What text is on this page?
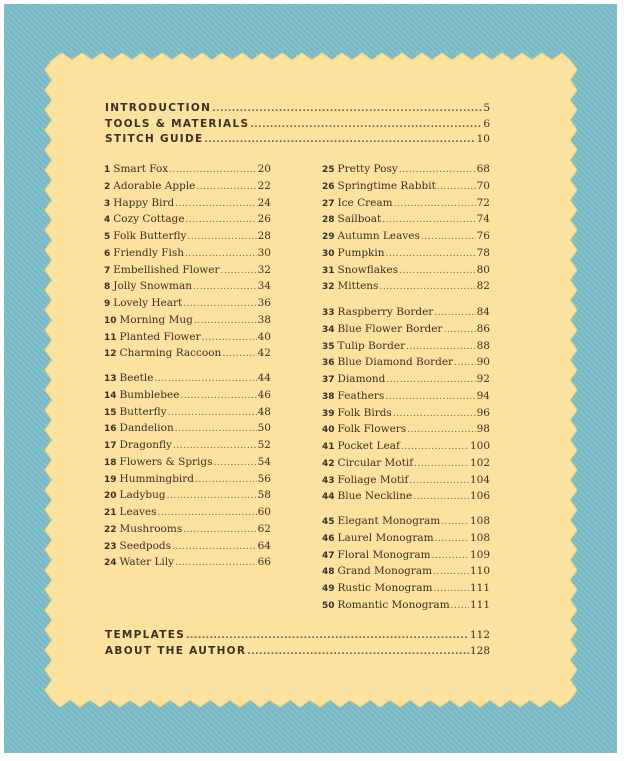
INTRODUCTION .....	5
TOOLS & MATERIALS .....	6
STITCH GUIDE .....	10
1 Smart Fox .....	20
2 Adorable Apple .....	22
3 Happy Bird .....	24
4 Cozy Cottage .....	26
5 Folk Butterfly .....	28
6 Friendly Fish .....	30
7 Embellished Flower .....	32
8 Jolly Snowman .....	34
9 Lovely Heart .....	36
10 Morning Mug .....	38
11 Planted Flower .....	40
12 Charming Raccoon .....	42
13 Beetle .....	44
14 Bumblebee .....	46
15 Butterfly .....	48
16 Dandelion .....	50
17 Dragonfly .....	52
18 Flowers & Sprigs .....	54
19 Hummingbird .....	56
20 Ladybug .....	58
21 Leaves .....	60
22 Mushrooms .....	62
23 Seedpods .....	64
24 Water Lily .....	66
25 Pretty Posy .....	68
26 Springtime Rabbit .....	70
27 Ice Cream .....	72
28 Sailboat .....	74
29 Autumn Leaves .....	76
30 Pumpkin .....	78
31 Snowflakes .....	80
32 Mittens .....	82
33 Raspberry Border .....	84
34 Blue Flower Border .....	86
35 Tulip Border .....	88
36 Blue Diamond Border ..... 90
37 Diamond .....	92
38 Feathers .....	94
39 Folk Birds .....	96
40 Folk Flowers .....	98
41 Pocket Leaf .....	100
42 Circular Motif .....	102
43 Foliage Motif .....	104
44 Blue Neckline .....	106
45 Elegant Monogram .....	108
46 Laurel Monogram .....	108
47 Floral Monogram .....	109
48 Grand Monogram .....	110
49 Rustic Monogram .....	111
50 Romantic Monogram ..... 111
TEMPLATES .....	112
ABOUT THE AUTHOR .....	128
